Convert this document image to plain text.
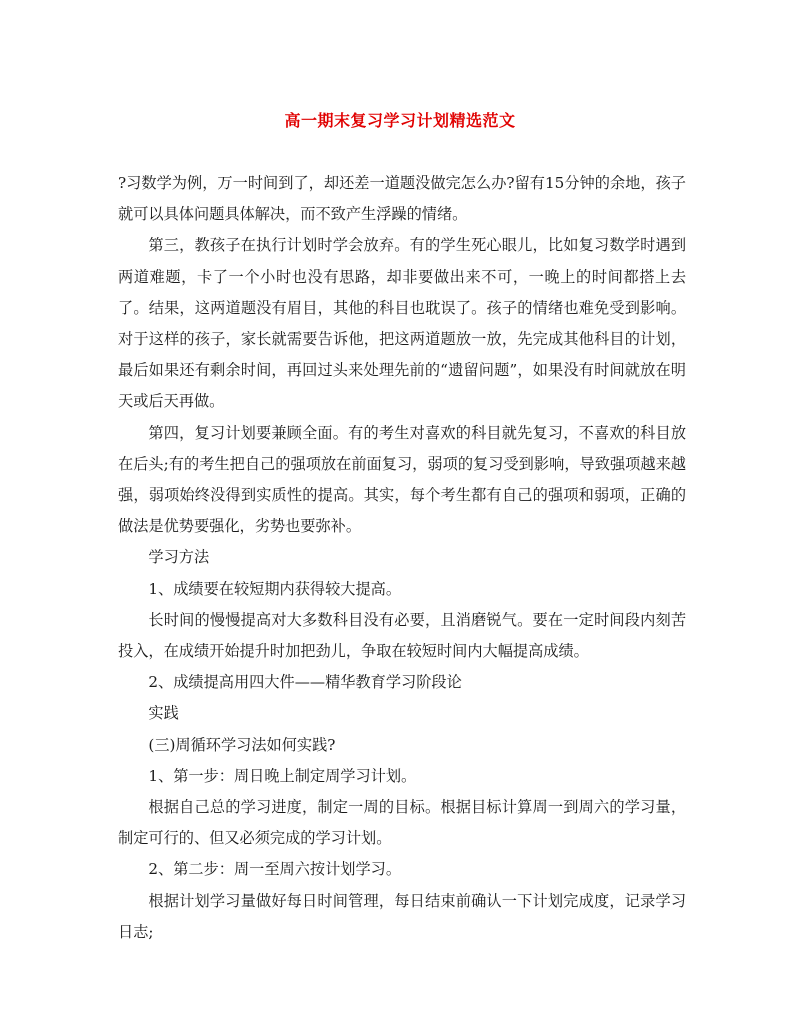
高一期末复习学习计划精选范文

?习数学为例，万一时间到了，却还差一道题没做完怎么办?留有15分钟的余地，孩子就可以具体问题具体解决，而不致产生浮躁的情绪。

第三，教孩子在执行计划时学会放弃。有的学生死心眼儿，比如复习数学时遇到两道难题，卡了一个小时也没有思路，却非要做出来不可，一晚上的时间都搭上去了。结果，这两道题没有眉目，其他的科目也耽误了。孩子的情绪也难免受到影响。对于这样的孩子，家长就需要告诉他，把这两道题放一放，先完成其他科目的计划，最后如果还有剩余时间，再回过头来处理先前的“遗留问题”，如果没有时间就放在明天或后天再做。

第四，复习计划要兼顾全面。有的考生对喜欢的科目就先复习，不喜欢的科目放在后头;有的考生把自己的强项放在前面复习，弱项的复习受到影响，导致强项越来越强，弱项始终没得到实质性的提高。其实，每个考生都有自己的强项和弱项，正确的做法是优势要强化，劣势也要弥补。

学习方法

1、成绩要在较短期内获得较大提高。

长时间的慢慢提高对大多数科目没有必要，且消磨锐气。要在一定时间段内刻苦投入，在成绩开始提升时加把劲儿，争取在较短时间内大幅提高成绩。

2、成绩提高用四大件——精华教育学习阶段论

实践

(三)周循环学习法如何实践?

1、第一步：周日晚上制定周学习计划。

根据自己总的学习进度，制定一周的目标。根据目标计算周一到周六的学习量，制定可行的、但又必须完成的学习计划。

2、第二步：周一至周六按计划学习。

根据计划学习量做好每日时间管理，每日结束前确认一下计划完成度，记录学习日志;
